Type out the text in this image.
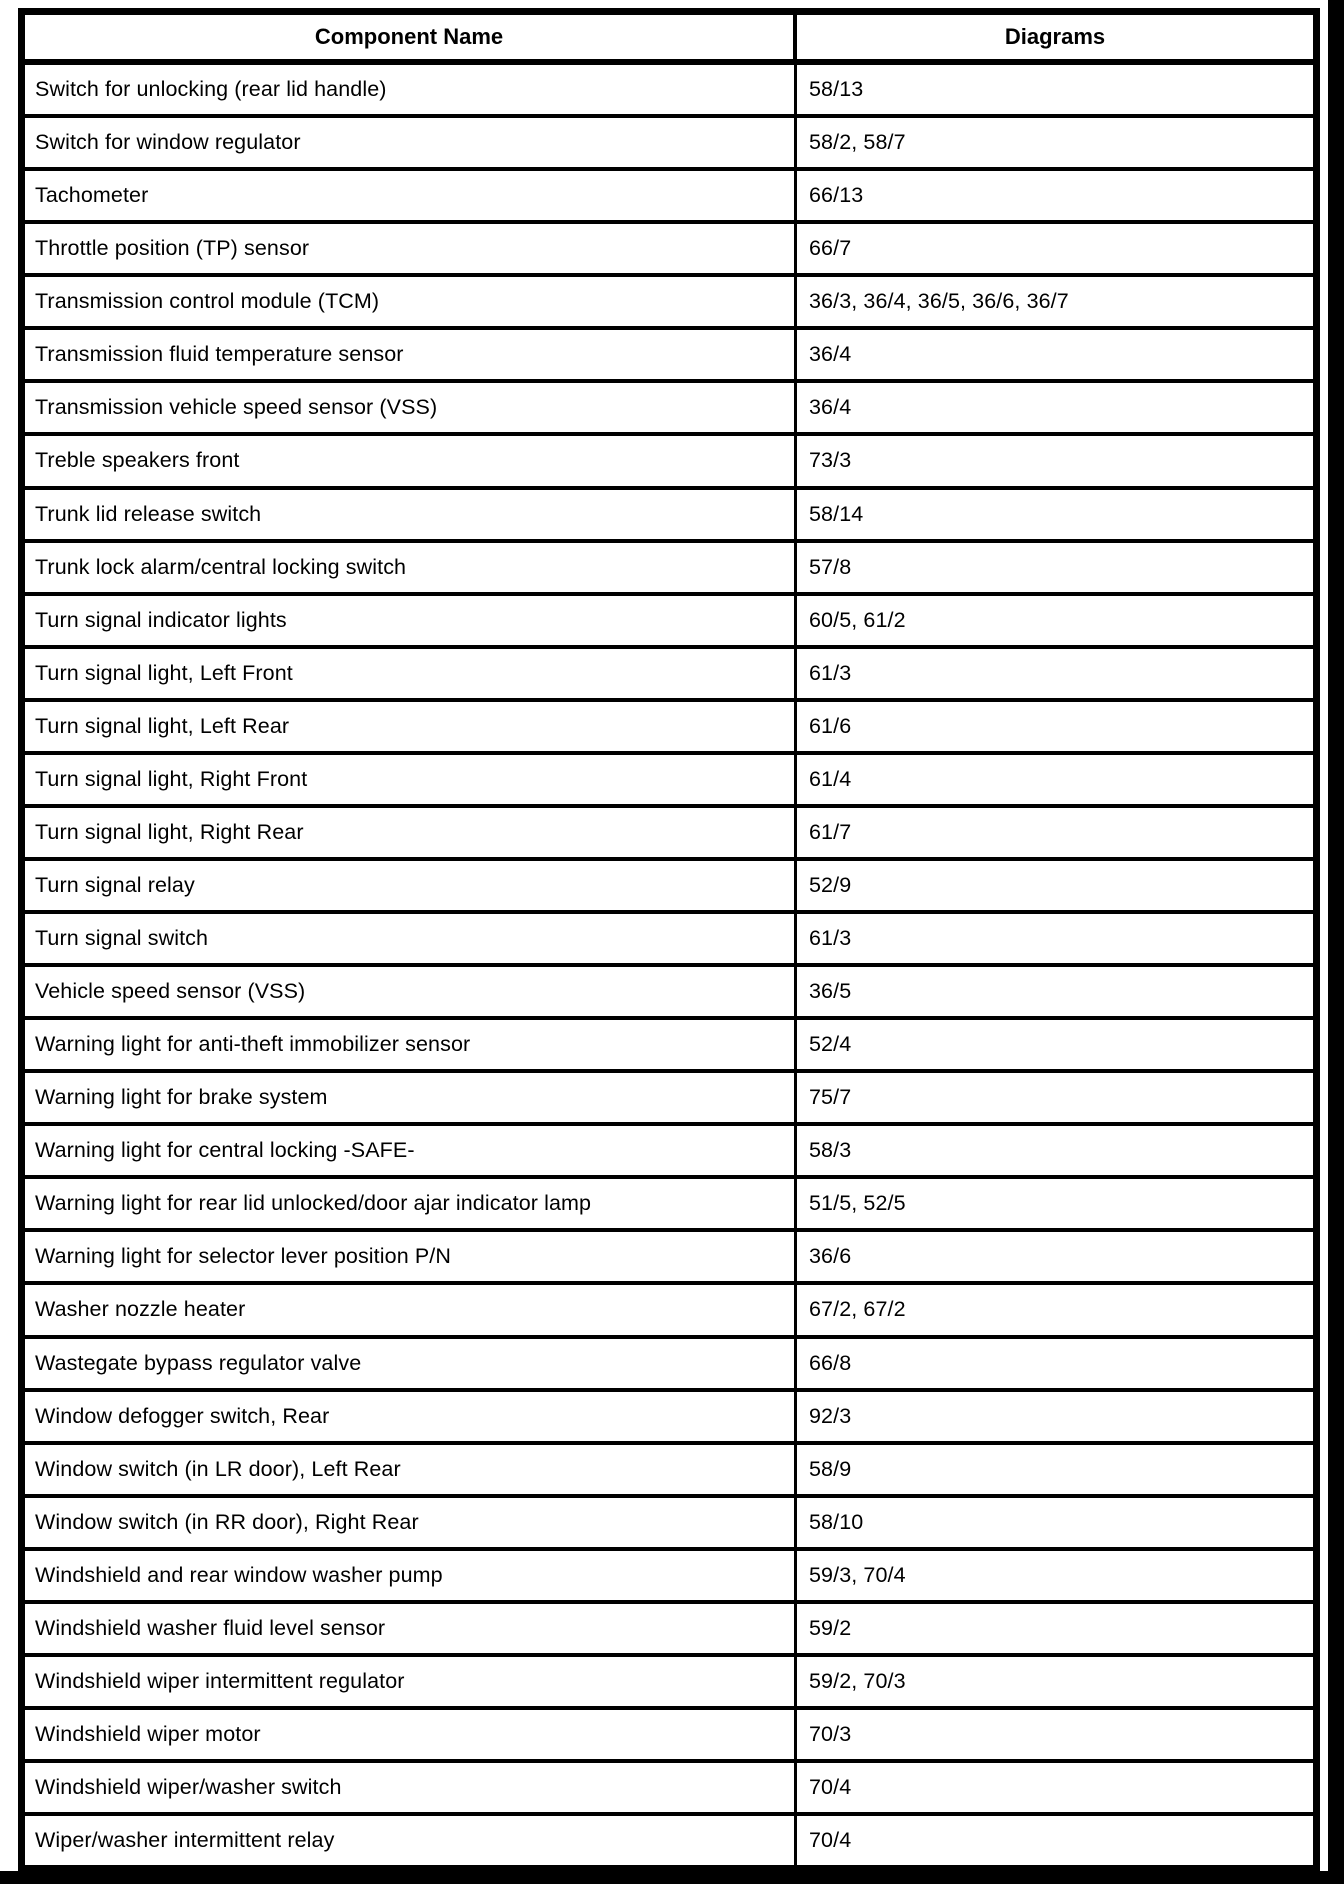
Component Name	Diagrams
Switch for unlocking (rear lid handle)	58/13
Switch for window regulator	58/2, 58/7
Tachometer	66/13
Throttle position (TP) sensor	66/7
Transmission control module (TCM)	36/3, 36/4, 36/5, 36/6, 36/7
Transmission fluid temperature sensor	36/4
Transmission vehicle speed sensor (VSS)	36/4
Treble speakers front	73/3
Trunk lid release switch	58/14
Trunk lock alarm/central locking switch	57/8
Turn signal indicator lights	60/5, 61/2
Turn signal light, Left Front	61/3
Turn signal light, Left Rear	61/6
Turn signal light, Right Front	61/4
Turn signal light, Right Rear	61/7
Turn signal relay	52/9
Turn signal switch	61/3
Vehicle speed sensor (VSS)	36/5
Warning light for anti-theft immobilizer sensor	52/4
Warning light for brake system	75/7
Warning light for central locking -SAFE-	58/3
Warning light for rear lid unlocked/door ajar indicator lamp	51/5, 52/5
Warning light for selector lever position P/N	36/6
Washer nozzle heater	67/2, 67/2
Wastegate bypass regulator valve	66/8
Window defogger switch, Rear	92/3
Window switch (in LR door), Left Rear	58/9
Window switch (in RR door), Right Rear	58/10
Windshield and rear window washer pump	59/3, 70/4
Windshield washer fluid level sensor	59/2
Windshield wiper intermittent regulator	59/2, 70/3
Windshield wiper motor	70/3
Windshield wiper/washer switch	70/4
Wiper/washer intermittent relay	70/4
